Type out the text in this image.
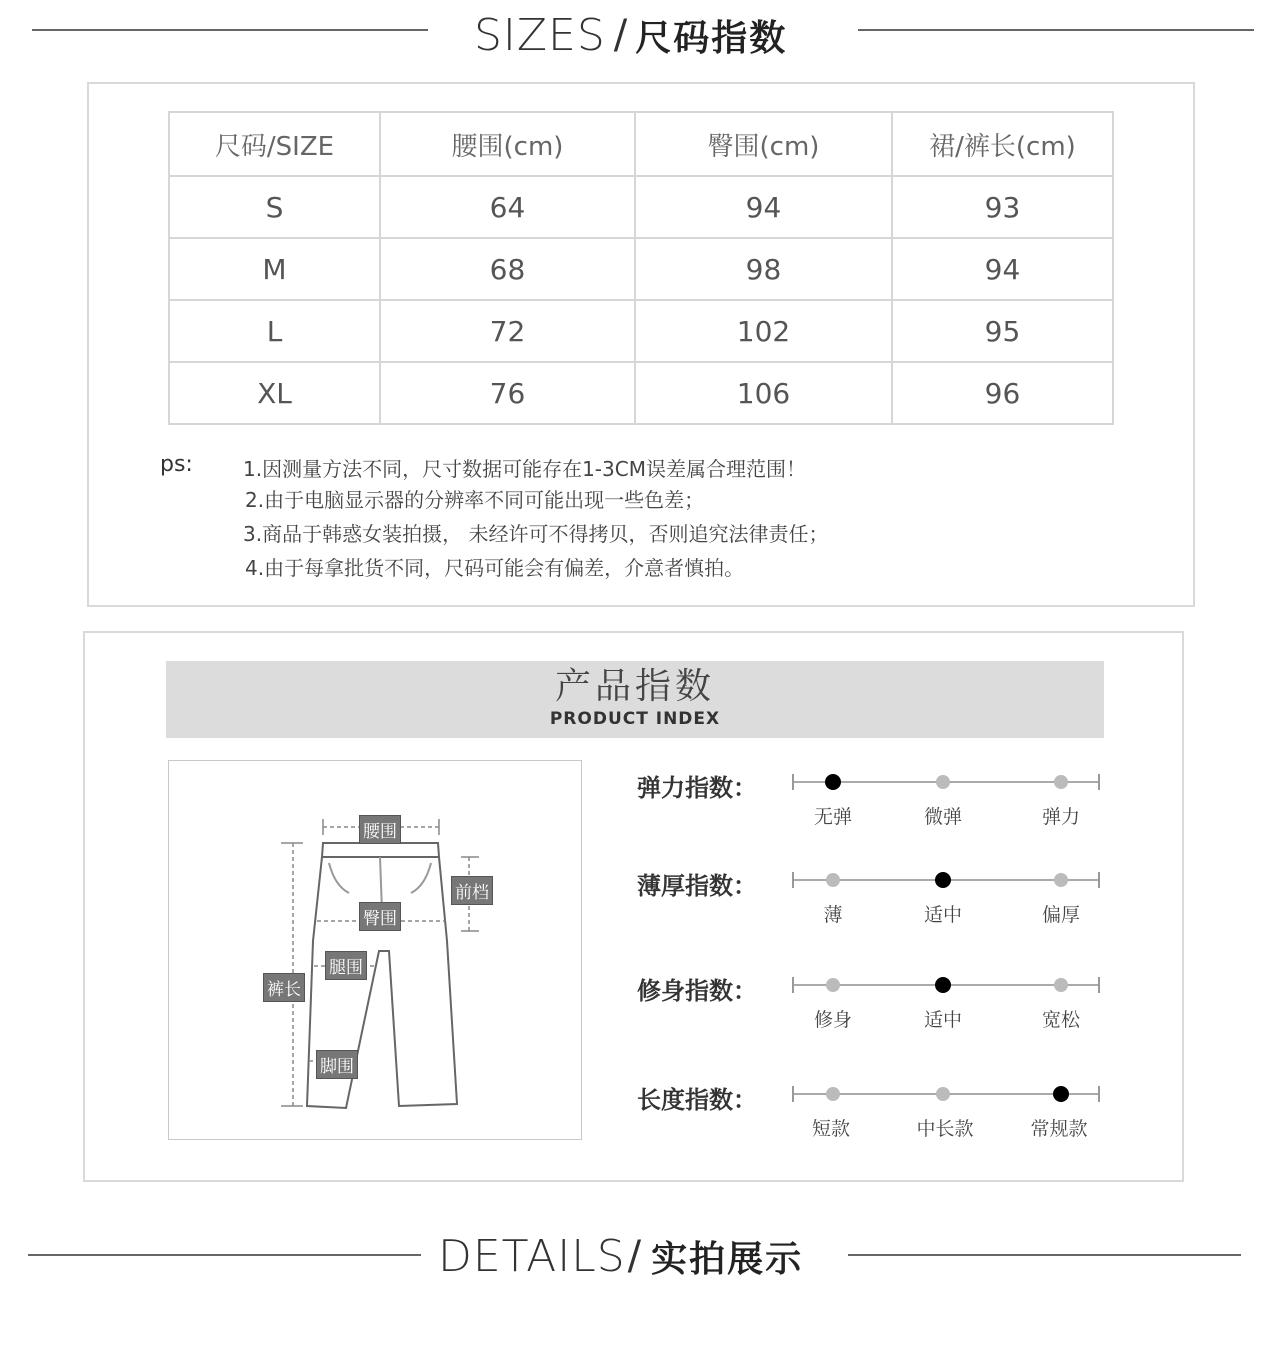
SIZES / 尺码指数
尺码/SIZE	腰围(cm)	臀围(cm)	裙/裤长(cm)
S	64	94	93
M	68	98	94
L	72	102	95
XL	76	106	96
ps:	1.因测量方法不同，尺寸数据可能存在1-3CM误差属合理范围！
2.由于电脑显示器的分辨率不同可能出现一些色差；
3.商品于韩惑女装拍摄， 未经许可不得拷贝，否则追究法律责任；
4.由于每拿批货不同，尺码可能会有偏差，介意者慎拍。
产品指数
PRODUCT INDEX
腰围
前档
臀围
腿围
裤长
脚围
弹力指数：
无弹	微弹	弹力
薄厚指数：
薄	适中	偏厚
修身指数：
修身	适中	宽松
长度指数：
短款	中长款	常规款
DETAILS / 实拍展示
